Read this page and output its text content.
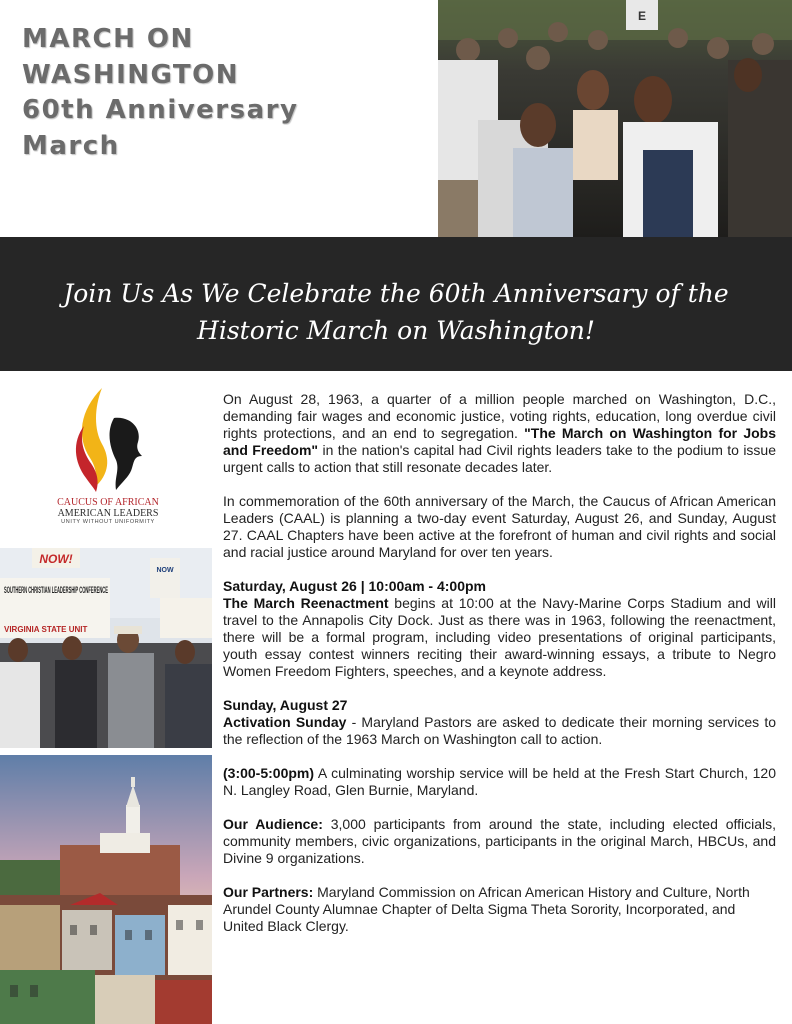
MARCH ON
WASHINGTON
60th Anniversary
March
E
Join Us As We Celebrate the 60th Anniversary of the
Historic March on Washington!
CAUCUS OF AFRICAN
AMERICAN LEADERS
UNITY WITHOUT UNIFORMITY
NOW!
SOUTHERN CHRISTIAN LEADERSHIP CONFERENCE
VIRGINIA STATE UNIT
NOW

On August 28, 1963, a quarter of a million people marched on Washington, D.C., demanding fair wages and economic justice, voting rights, education, long overdue civil rights protections, and an end to segregation. "The March on Washington for Jobs and Freedom" in the nation's capital had Civil rights leaders take to the podium to issue urgent calls to action that still resonate decades later.

In commemoration of the 60th anniversary of the March, the Caucus of African American Leaders (CAAL) is planning a two-day event Saturday, August 26, and Sunday, August 27. CAAL Chapters have been active at the forefront of human and civil rights and social and racial justice around Maryland for over ten years.

Saturday, August 26 | 10:00am - 4:00pm

The March Reenactment begins at 10:00 at the Navy-Marine Corps Stadium and will travel to the Annapolis City Dock. Just as there was in 1963, following the reenactment, there will be a formal program, including video presentations of original participants, youth essay contest winners reciting their award-winning essays, a tribute to Negro Women Freedom Fighters, speeches, and a keynote address.

Sunday, August 27

Activation Sunday - Maryland Pastors are asked to dedicate their morning services to the reflection of the 1963 March on Washington call to action.

(3:00-5:00pm) A culminating worship service will be held at the Fresh Start Church, 120 N. Langley Road, Glen Burnie, Maryland.

Our Audience: 3,000 participants from around the state, including elected officials, community members, civic organizations, participants in the original March, HBCUs, and Divine 9 organizations.

Our Partners: Maryland Commission on African American History and Culture, North Arundel County Alumnae Chapter of Delta Sigma Theta Sorority, Incorporated, and United Black Clergy.
